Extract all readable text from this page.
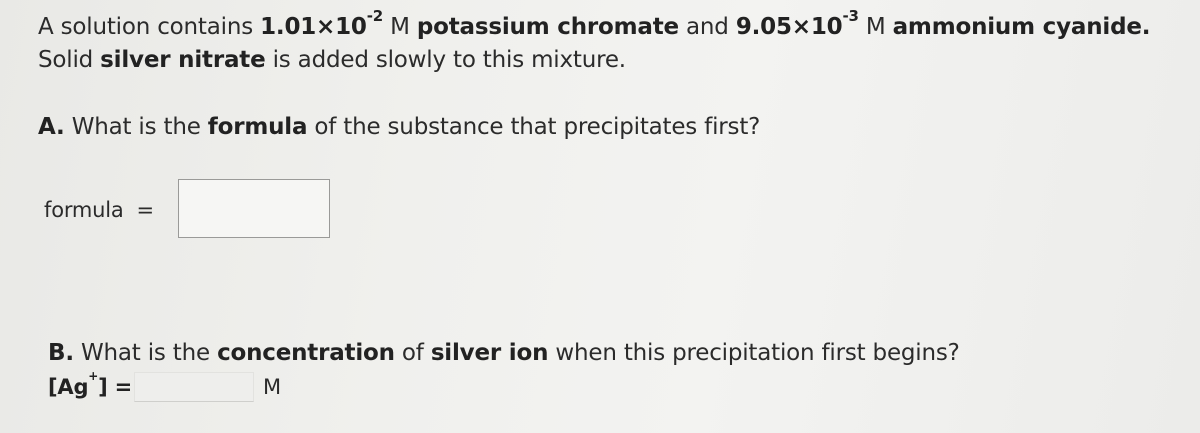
A solution contains $1.01\times 10^{-2}$ M potassium chromate and $9.05\times 10^{-3}$ M ammonium cyanide.
Solid silver nitrate is added slowly to this mixture.
A. What is the formula of the substance that precipitates first?
formula  =
B. What is the concentration of silver ion when this precipitation first begins?
[Ag+] =	M
